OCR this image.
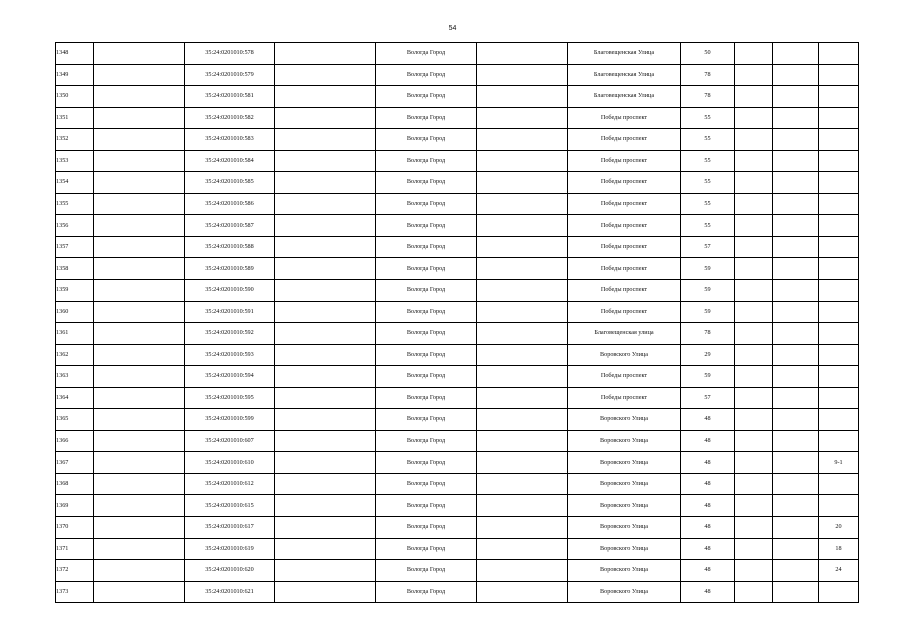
54
1348		35:24:0201010:578		Вологда Город		Благовещенская Улица	50			
1349		35:24:0201010:579		Вологда Город		Благовещенская Улица	78			
1350		35:24:0201010:581		Вологда Город		Благовещенская Улица	78			
1351		35:24:0201010:582		Вологда Город		Победы проспект	55			
1352		35:24:0201010:583		Вологда Город		Победы проспект	55			
1353		35:24:0201010:584		Вологда Город		Победы проспект	55			
1354		35:24:0201010:585		Вологда Город		Победы проспект	55			
1355		35:24:0201010:586		Вологда Город		Победы проспект	55			
1356		35:24:0201010:587		Вологда Город		Победы проспект	55			
1357		35:24:0201010:588		Вологда Город		Победы проспект	57			
1358		35:24:0201010:589		Вологда Город		Победы проспект	59			
1359		35:24:0201010:590		Вологда Город		Победы проспект	59			
1360		35:24:0201010:591		Вологда Город		Победы проспект	59			
1361		35:24:0201010:592		Вологда Город		Благовещенская улица	78			
1362		35:24:0201010:593		Вологда Город		Воровского Улица	29			
1363		35:24:0201010:594		Вологда Город		Победы проспект	59			
1364		35:24:0201010:595		Вологда Город		Победы проспект	57			
1365		35:24:0201010:599		Вологда Город		Воровского Улица	48			
1366		35:24:0201010:607		Вологда Город		Воровского Улица	48			
1367		35:24:0201010:610		Вологда Город		Воровского Улица	48			9-1
1368		35:24:0201010:612		Вологда Город		Воровского Улица	48			
1369		35:24:0201010:615		Вологда Город		Воровского Улица	48			
1370		35:24:0201010:617		Вологда Город		Воровского Улица	48			20
1371		35:24:0201010:619		Вологда Город		Воровского Улица	48			18
1372		35:24:0201010:620		Вологда Город		Воровского Улица	48			24
1373		35:24:0201010:621		Вологда Город		Воровского Улица	48			
